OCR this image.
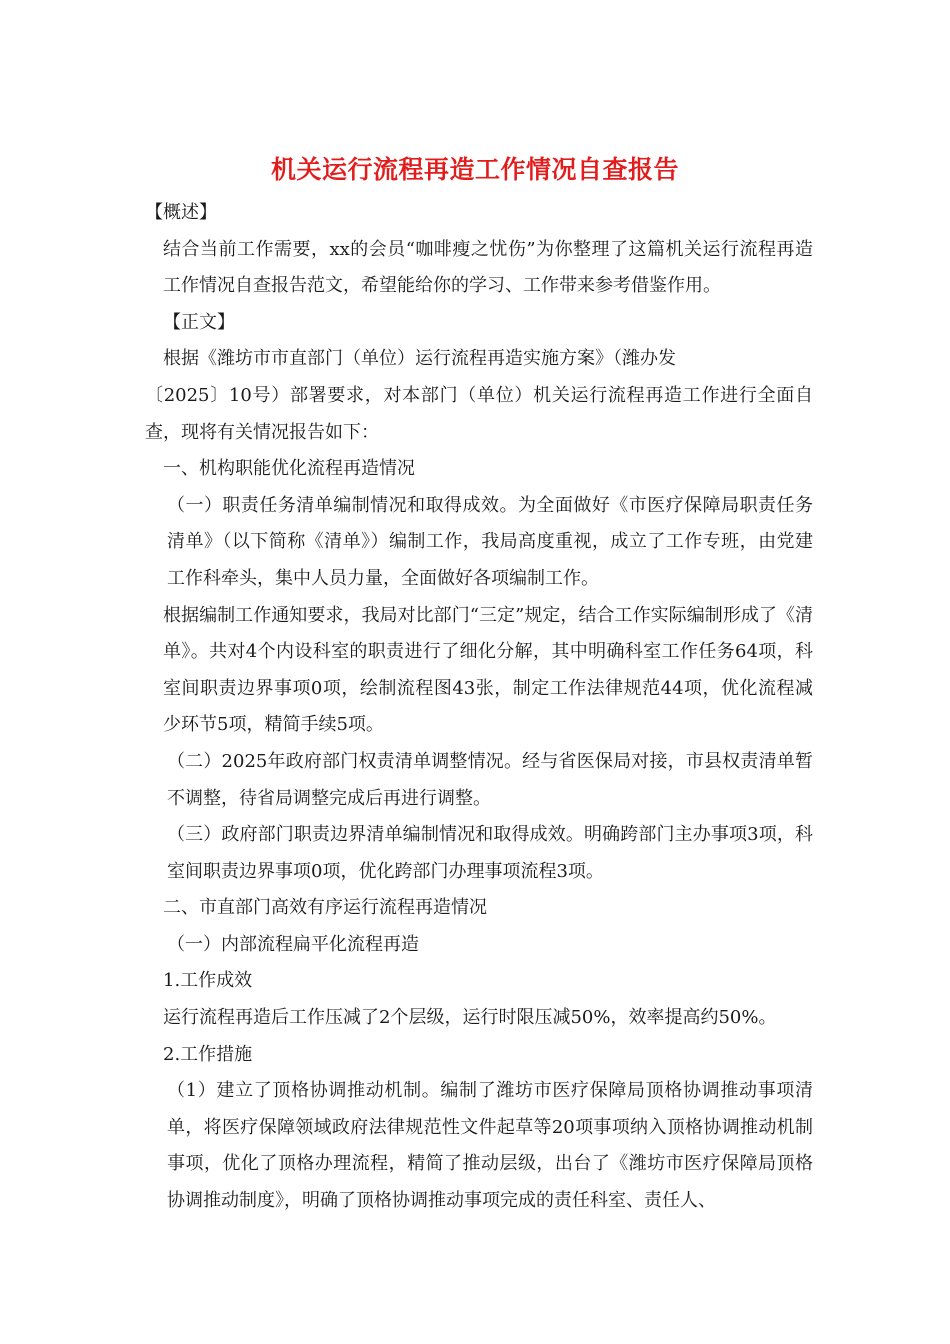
机关运行流程再造工作情况自查报告

【概述】

结合当前工作需要，xx的会员“咖啡瘦之忧伤”为你整理了这篇机关运行流程再造工作情况自查报告范文，希望能给你的学习、工作带来参考借鉴作用。

【正文】

根据《潍坊市市直部门（单位）运行流程再造实施方案》（潍办发

〔2025〕10号）部署要求，对本部门（单位）机关运行流程再造工作进行全面自查，现将有关情况报告如下：

一、机构职能优化流程再造情况

（一）职责任务清单编制情况和取得成效。为全面做好《市医疗保障局职责任务清单》（以下简称《清单》）编制工作，我局高度重视，成立了工作专班，由党建工作科牵头，集中人员力量，全面做好各项编制工作。

根据编制工作通知要求，我局对比部门“三定”规定，结合工作实际编制形成了《清单》。共对4个内设科室的职责进行了细化分解，其中明确科室工作任务64项，科室间职责边界事项0项，绘制流程图43张，制定工作法律规范44项，优化流程减少环节5项，精简手续5项。

（二）2025年政府部门权责清单调整情况。经与省医保局对接，市县权责清单暂不调整，待省局调整完成后再进行调整。

（三）政府部门职责边界清单编制情况和取得成效。明确跨部门主办事项3项，科室间职责边界事项0项，优化跨部门办理事项流程3项。

二、市直部门高效有序运行流程再造情况

（一）内部流程扁平化流程再造

1.工作成效

运行流程再造后工作压减了2个层级，运行时限压减50%，效率提高约50%。

2.工作措施

（1）建立了顶格协调推动机制。编制了潍坊市医疗保障局顶格协调推动事项清单，将医疗保障领域政府法律规范性文件起草等20项事项纳入顶格协调推动机制事项，优化了顶格办理流程，精简了推动层级，出台了《潍坊市医疗保障局顶格协调推动制度》，明确了顶格协调推动事项完成的责任科室、责任人、
